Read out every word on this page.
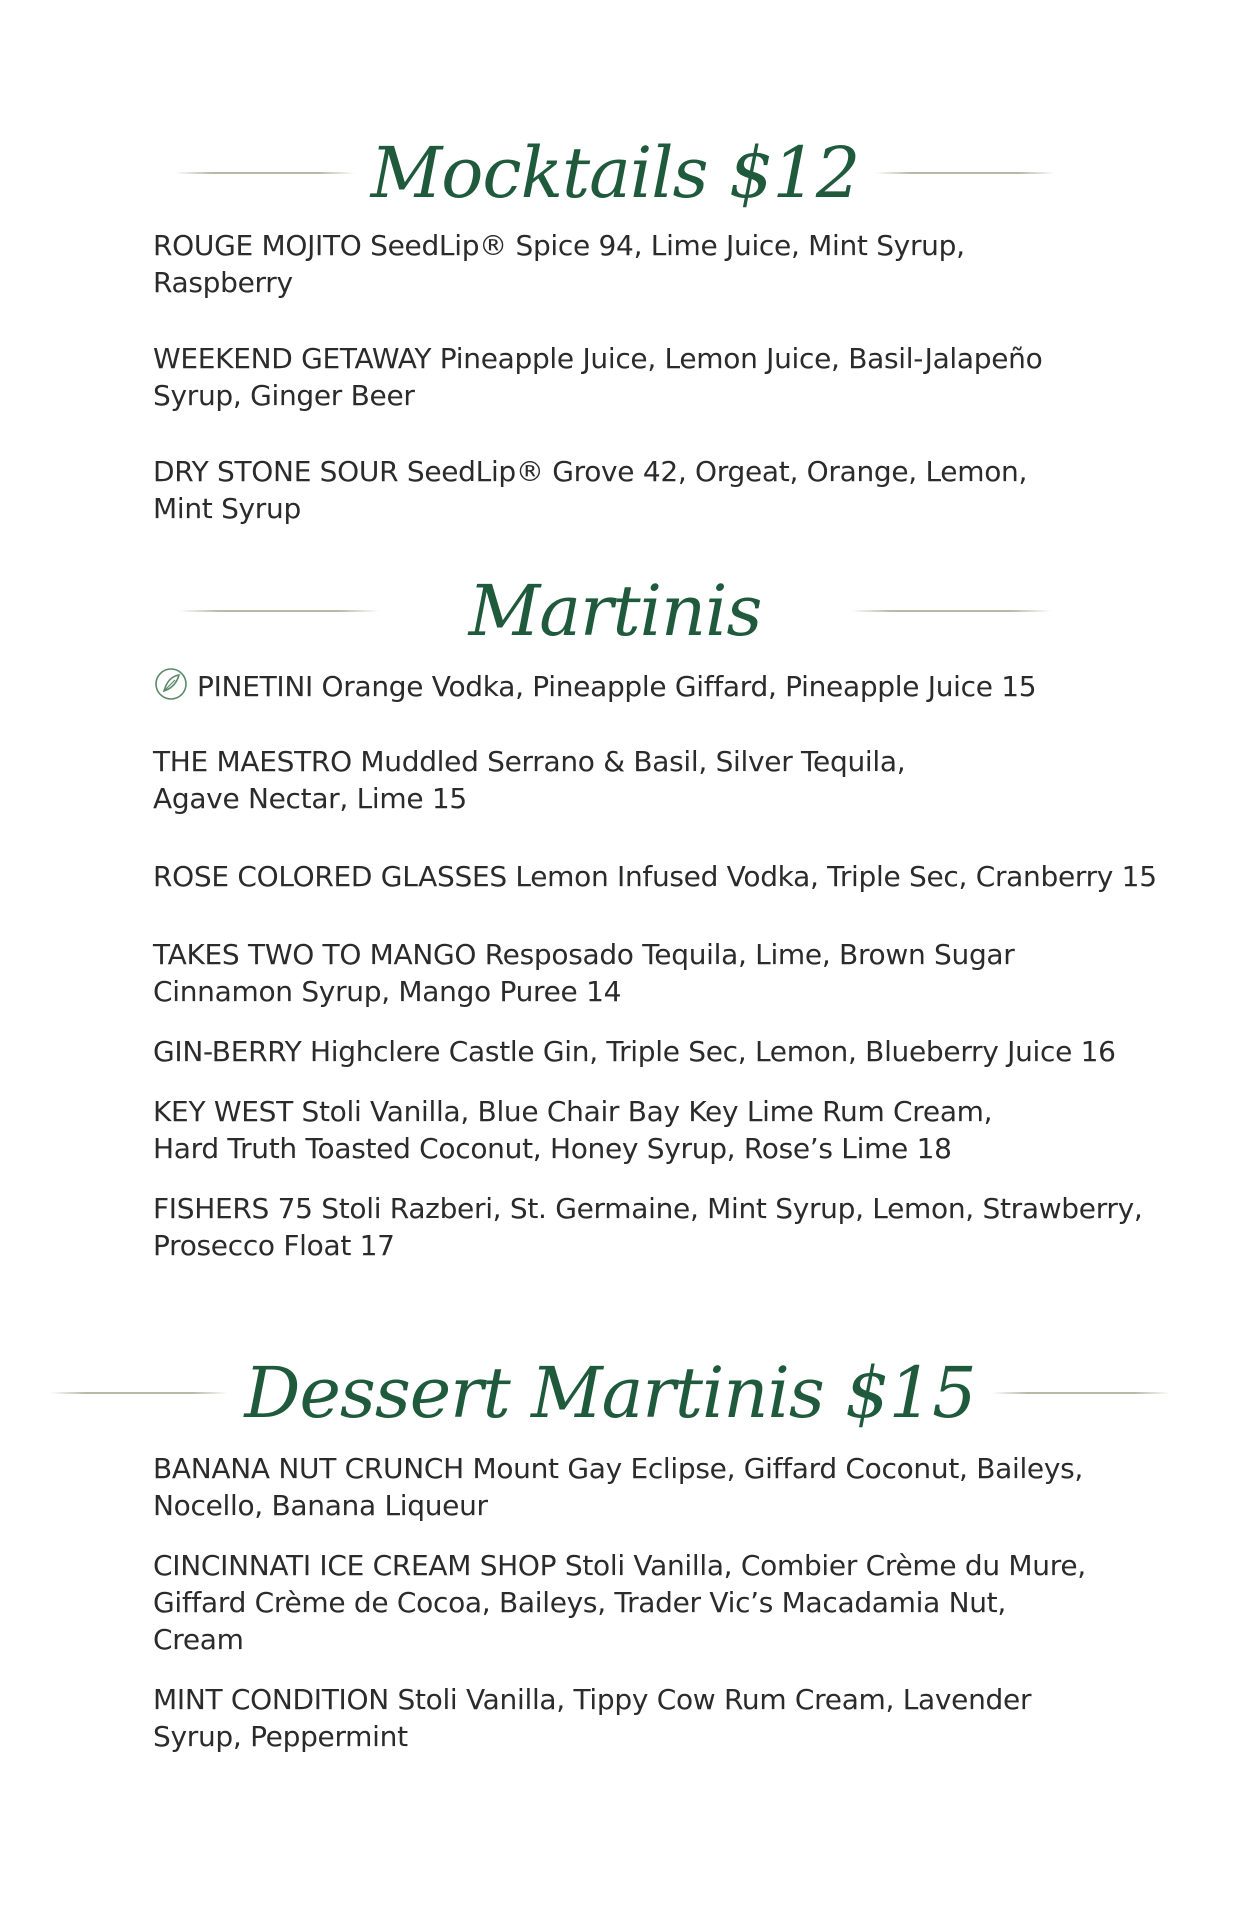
Mocktails $12
ROUGE MOJITO SeedLip® Spice 94, Lime Juice, Mint Syrup,
Raspberry
WEEKEND GETAWAY Pineapple Juice, Lemon Juice, Basil-Jalapeño
Syrup, Ginger Beer
DRY STONE SOUR SeedLip® Grove 42, Orgeat, Orange, Lemon,
Mint Syrup
Martinis
PINETINI Orange Vodka, Pineapple Giffard, Pineapple Juice 15
THE MAESTRO Muddled Serrano & Basil, Silver Tequila,
Agave Nectar, Lime 15
ROSE COLORED GLASSES Lemon Infused Vodka, Triple Sec, Cranberry 15
TAKES TWO TO MANGO Resposado Tequila, Lime, Brown Sugar
Cinnamon Syrup, Mango Puree 14
GIN-BERRY Highclere Castle Gin, Triple Sec, Lemon, Blueberry Juice 16
KEY WEST Stoli Vanilla, Blue Chair Bay Key Lime Rum Cream,
Hard Truth Toasted Coconut, Honey Syrup, Rose’s Lime 18
FISHERS 75 Stoli Razberi, St. Germaine, Mint Syrup, Lemon, Strawberry,
Prosecco Float 17
Dessert Martinis $15
BANANA NUT CRUNCH Mount Gay Eclipse, Giffard Coconut, Baileys,
Nocello, Banana Liqueur
CINCINNATI ICE CREAM SHOP Stoli Vanilla, Combier Crème du Mure,
Giffard Crème de Cocoa, Baileys, Trader Vic’s Macadamia Nut,
Cream
MINT CONDITION Stoli Vanilla, Tippy Cow Rum Cream, Lavender
Syrup, Peppermint
